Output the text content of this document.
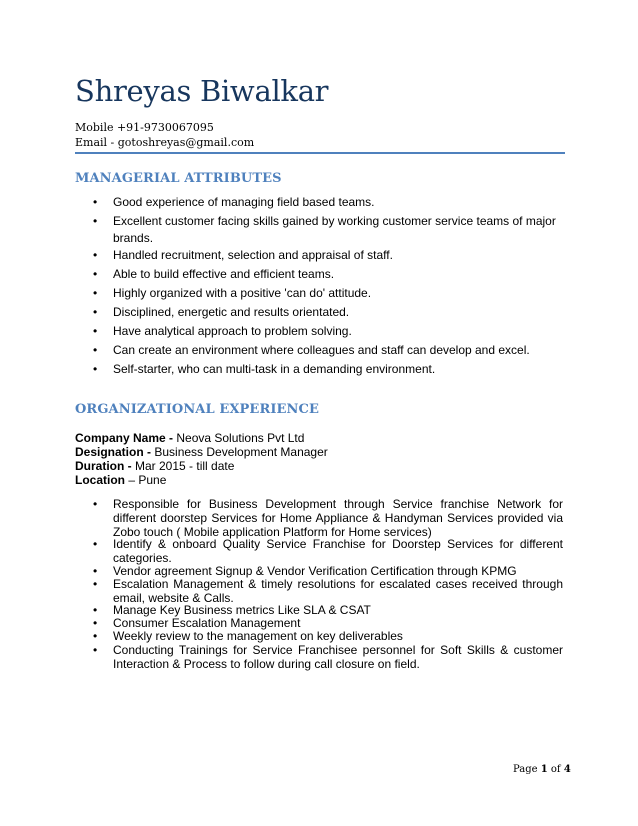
Shreyas Biwalkar
Mobile +91-9730067095
Email - gotoshreyas@gmail.com
MANAGERIAL ATTRIBUTES
• Good experience of managing field based teams.
• Excellent customer facing skills gained by working customer service teams of major brands.
• Handled recruitment, selection and appraisal of staff.
• Able to build effective and efficient teams.
• Highly organized with a positive 'can do' attitude.
• Disciplined, energetic and results orientated.
• Have analytical approach to problem solving.
• Can create an environment where colleagues and staff can develop and excel.
• Self-starter, who can multi-task in a demanding environment.
ORGANIZATIONAL EXPERIENCE
Company Name - Neova Solutions Pvt Ltd
Designation - Business Development Manager
Duration - Mar 2015 - till date
Location – Pune
• Responsible for Business Development through Service franchise Network for different doorstep Services for Home Appliance & Handyman Services provided via Zobo touch ( Mobile application Platform for Home services)
• Identify & onboard Quality Service Franchise for Doorstep Services for different categories.
• Vendor agreement Signup & Vendor Verification Certification through KPMG
• Escalation Management & timely resolutions for escalated cases received through email, website & Calls.
• Manage Key Business metrics Like SLA & CSAT
• Consumer Escalation Management
• Weekly review to the management on key deliverables
• Conducting Trainings for Service Franchisee personnel for Soft Skills & customer Interaction & Process to follow during call closure on field.
Page 1 of 4
